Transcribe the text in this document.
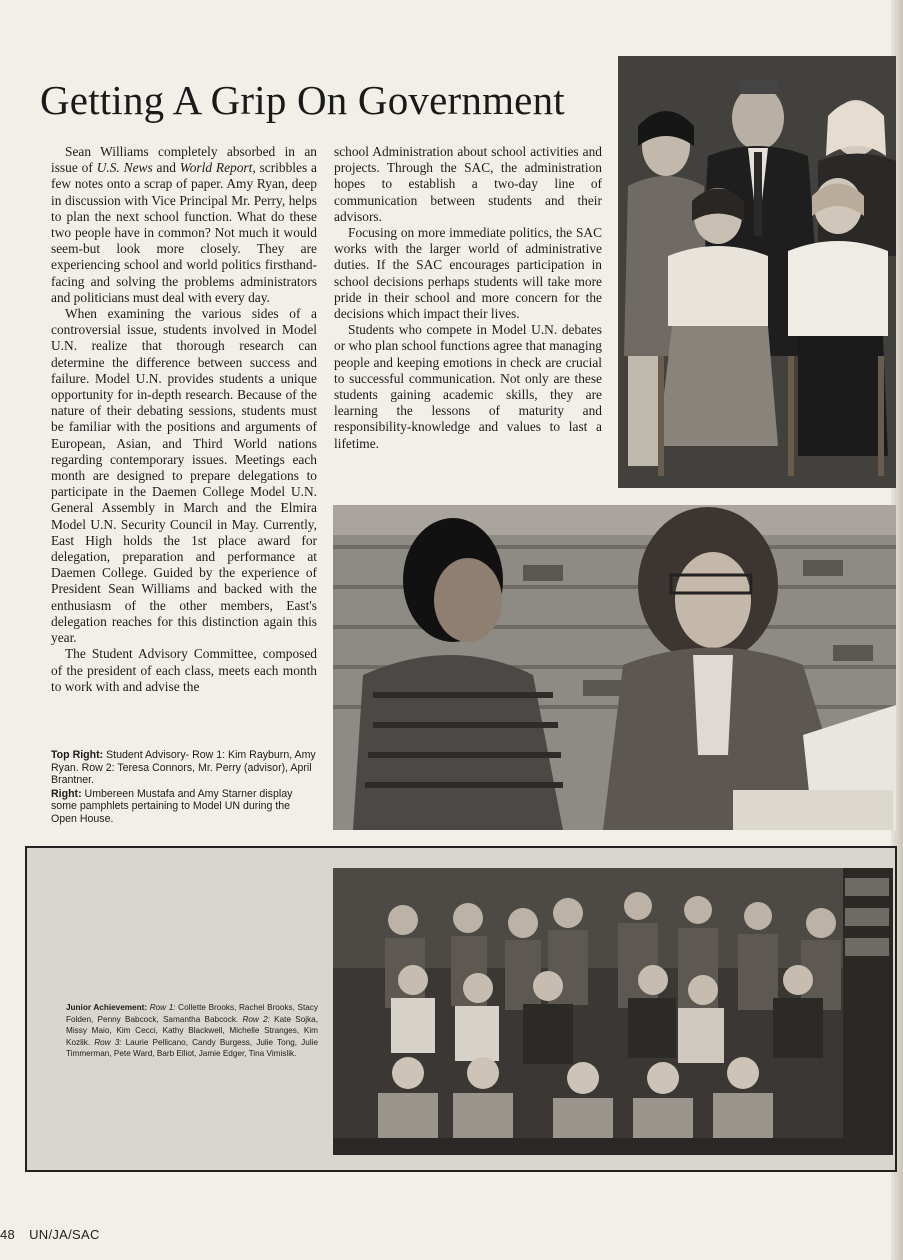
Getting A Grip On Government

Sean Williams completely absorbed in an issue of U.S. News and World Report, scribbles a few notes onto a scrap of paper. Amy Ryan, deep in discussion with Vice Principal Mr. Perry, helps to plan the next school function. What do these two people have in common? Not much it would seem-but look more closely. They are experiencing school and world politics firsthand-facing and solving the problems administrators and politicians must deal with every day.

When examining the various sides of a controversial issue, students involved in Model U.N. realize that thorough research can determine the difference between success and failure. Model U.N. provides students a unique opportunity for in-depth research. Because of the nature of their debating sessions, students must be familiar with the positions and arguments of European, Asian, and Third World nations regarding contemporary issues. Meetings each month are designed to prepare delegations to participate in the Daemen College Model U.N. General Assembly in March and the Elmira Model U.N. Security Council in May. Currently, East High holds the 1st place award for delegation, preparation and performance at Daemen College. Guided by the experience of President Sean Williams and backed with the enthusiasm of the other members, East's delegation reaches for this distinction again this year.

The Student Advisory Committee, composed of the president of each class, meets each month to work with and advise the

school Administration about school activities and projects. Through the SAC, the administration hopes to establish a two-day line of communication between students and their advisors.

Focusing on more immediate politics, the SAC works with the larger world of administrative duties. If the SAC encourages participation in school decisions perhaps students will take more pride in their school and more concern for the decisions which impact their lives.

Students who compete in Model U.N. debates or who plan school functions agree that managing people and keeping emotions in check are crucial to successful communication. Not only are these students gaining academic skills, they are learning the lessons of maturity and responsibility-knowledge and values to last a lifetime.

Top Right: Student Advisory- Row 1: Kim Rayburn, Amy Ryan. Row 2: Teresa Connors, Mr. Perry (advisor), April Brantner.

Right: Umbereen Mustafa and Amy Starner display some pamphlets pertaining to Model UN during the Open House.

Junior Achievement: Row 1: Collette Brooks, Rachel Brooks, Stacy Folden, Penny Babcock, Samantha Babcock. Row 2: Kate Sojka, Missy Maio, Kim Cecci, Kathy Blackwell, Michelle Stranges, Kim Kozlik. Row 3: Laurie Pellicano, Candy Burgess, Julie Tong, Julie Timmerman, Pete Ward, Barb Elliot, Jamie Edger, Tina Vimislik.
48 UN/JA/SAC
